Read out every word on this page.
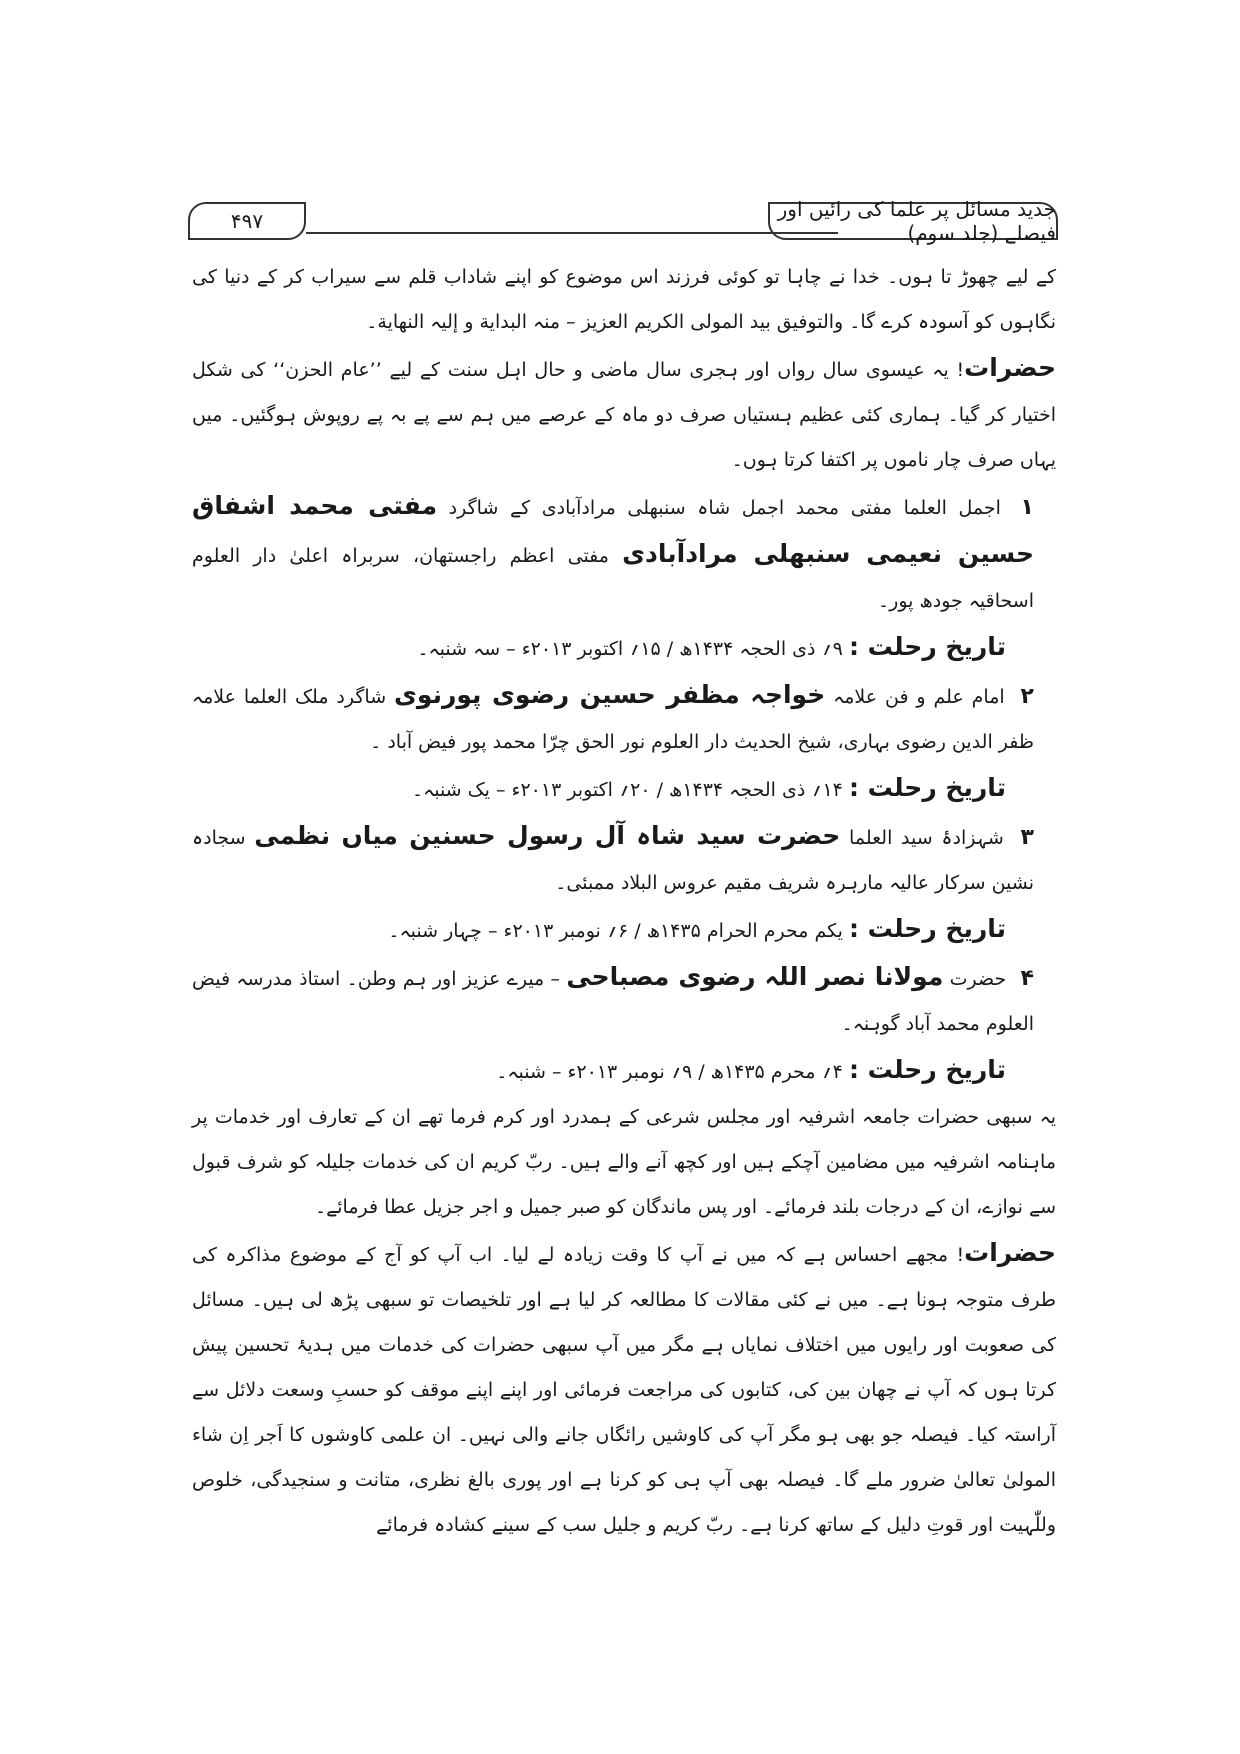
۴۹۷	جدید مسائل پر علما کی رائیں اور فیصلے (جلد سوم)

کے لیے چھوڑ تا ہوں۔ خدا نے چاہا تو کوئی فرزند اس موضوع کو اپنے شاداب قلم سے سیراب کر کے دنیا کی نگاہوں کو آسودہ کرے گا۔ والتوفیق بید المولی الکریم العزیز – منہ البدایة و إلیہ النهایة۔

حضرات! یہ عیسوی سال رواں اور ہجری سال ماضی و حال اہل سنت کے لیے ’’عام الحزن‘‘ کی شکل اختیار کر گیا۔ ہماری کئی عظیم ہستیاں صرف دو ماہ کے عرصے میں ہم سے پے بہ پے روپوش ہوگئیں۔ میں یہاں صرف چار ناموں پر اکتفا کرتا ہوں۔

۱ اجمل العلما مفتی محمد اجمل شاہ سنبھلی مرادآبادی کے شاگرد مفتی محمد اشفاق حسین نعیمی سنبھلی مرادآبادی مفتی اعظم راجستھان، سربراہ اعلیٰ دار العلوم اسحاقیہ جودھ پور۔

تاریخ رحلت : ۹؍ ذی الحجہ ۱۴۳۴ھ / ۱۵؍ اکتوبر ۲۰۱۳ء – سہ شنبہ۔

۲ امام علم و فن علامہ خواجہ مظفر حسین رضوی پورنوی شاگرد ملک العلما علامہ ظفر الدین رضوی بہاری، شیخ الحدیث دار العلوم نور الحق چرّا محمد پور فیض آباد ۔

تاریخ رحلت : ۱۴؍ ذی الحجہ ۱۴۳۴ھ / ۲۰؍ اکتوبر ۲۰۱۳ء – یک شنبہ۔

۳ شہزادۂ سید العلما حضرت سید شاہ آل رسول حسنین میاں نظمی سجادہ نشین سرکار عالیہ مارہرہ شریف مقیم عروس البلاد ممبئی۔

تاریخ رحلت : یکم محرم الحرام ۱۴۳۵ھ / ۶؍ نومبر ۲۰۱۳ء – چہار شنبہ۔

۴ حضرت مولانا نصر اللہ رضوی مصباحی – میرے عزیز اور ہم وطن۔ استاذ مدرسہ فیض العلوم محمد آباد گوہنہ۔

تاریخ رحلت : ۴؍ محرم ۱۴۳۵ھ / ۹؍ نومبر ۲۰۱۳ء – شنبہ۔

یہ سبھی حضرات جامعہ اشرفیہ اور مجلس شرعی کے ہمدرد اور کرم فرما تھے ان کے تعارف اور خدمات پر ماہنامہ اشرفیہ میں مضامین آچکے ہیں اور کچھ آنے والے ہیں۔ ربّ کریم ان کی خدمات جلیلہ کو شرف قبول سے نوازے، ان کے درجات بلند فرمائے۔ اور پس ماندگان کو صبر جمیل و اجر جزیل عطا فرمائے۔

حضرات! مجھے احساس ہے کہ میں نے آپ کا وقت زیادہ لے لیا۔ اب آپ کو آج کے موضوع مذاکرہ کی طرف متوجہ ہونا ہے۔ میں نے کئی مقالات کا مطالعہ کر لیا ہے اور تلخیصات تو سبھی پڑھ لی ہیں۔ مسائل کی صعوبت اور رایوں میں اختلاف نمایاں ہے مگر میں آپ سبھی حضرات کی خدمات میں ہدیۂ تحسین پیش کرتا ہوں کہ آپ نے چھان بین کی، کتابوں کی مراجعت فرمائی اور اپنے اپنے موقف کو حسبِ وسعت دلائل سے آراستہ کیا۔ فیصلہ جو بھی ہو مگر آپ کی کاوشیں رائگاں جانے والی نہیں۔ ان علمی کاوشوں کا اَجر اِن شاء المولیٰ تعالیٰ ضرور ملے گا۔ فیصلہ بھی آپ ہی کو کرنا ہے اور پوری بالغ نظری، متانت و سنجیدگی، خلوص وللّٰہیت اور قوتِ دلیل کے ساتھ کرنا ہے۔ ربّ کریم و جلیل سب کے سینے کشادہ فرمائے
